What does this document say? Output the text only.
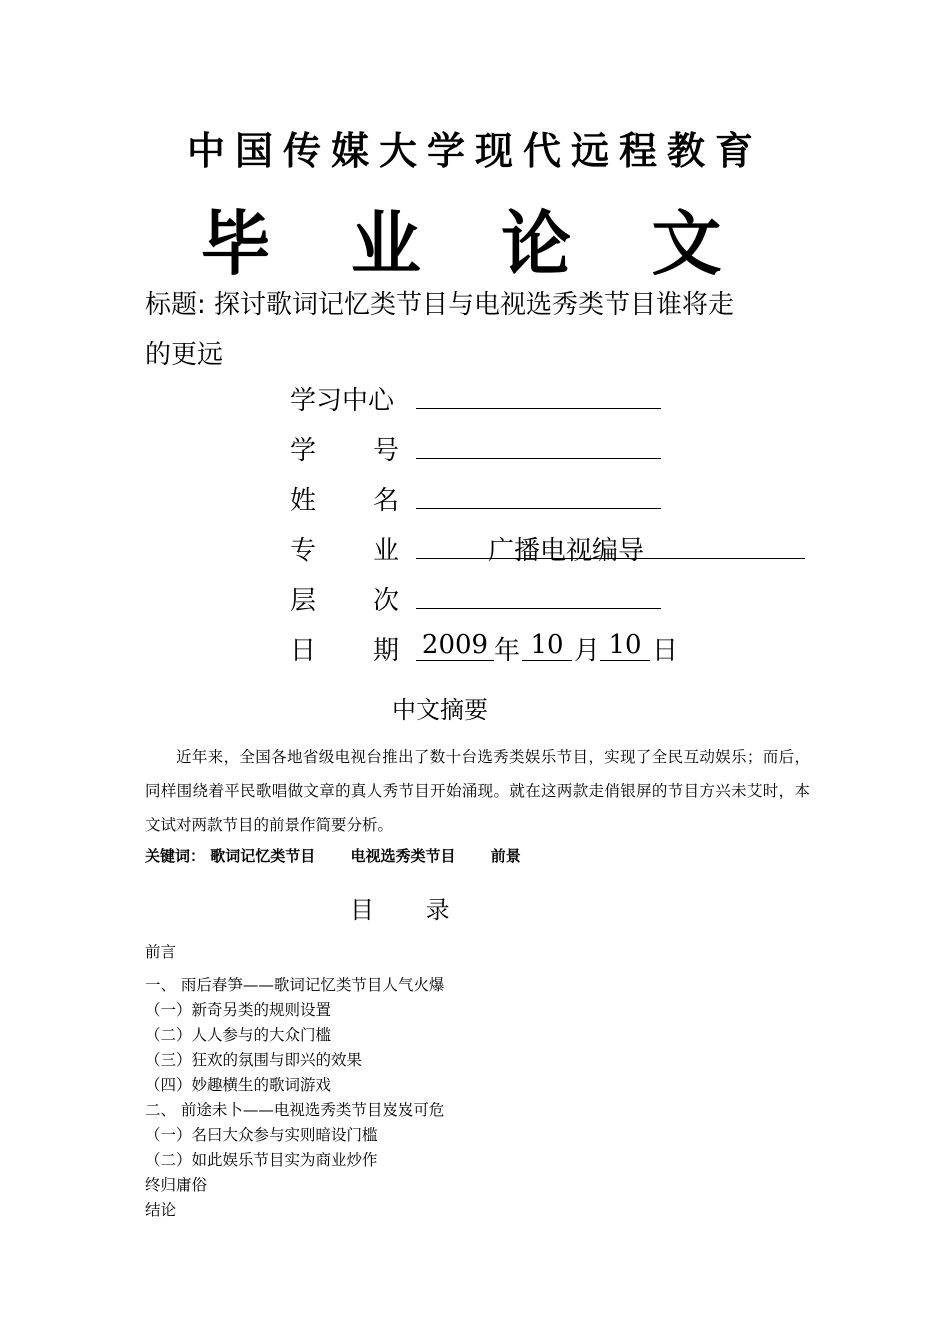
中国传媒大学现代远程教育
毕 业 论 文
标题: 探讨歌词记忆类节目与电视选秀类节目谁将走
的更远
学习中心
学 号
姓 名
专 业	广播电视编导
层 次
日 期 2009 年 10 月 10 日
中文摘要
近年来，全国各地省级电视台推出了数十台选秀类娱乐节目，实现了全民互动娱乐；而后，同样围绕着平民歌唱做文章的真人秀节目开始涌现。就在这两款走俏银屏的节目方兴未艾时，本文试对两款节目的前景作简要分析。
关键词： 歌词记忆类节目 电视选秀类节目 前景
目 录
前言
一、 雨后春笋——歌词记忆类节目人气火爆
（一）新奇另类的规则设置
（二）人人参与的大众门槛
（三）狂欢的氛围与即兴的效果
（四）妙趣横生的歌词游戏
二、 前途未卜——电视选秀类节目岌岌可危
（一）名曰大众参与实则暗设门槛
（二）如此娱乐节目实为商业炒作
终归庸俗
结论
